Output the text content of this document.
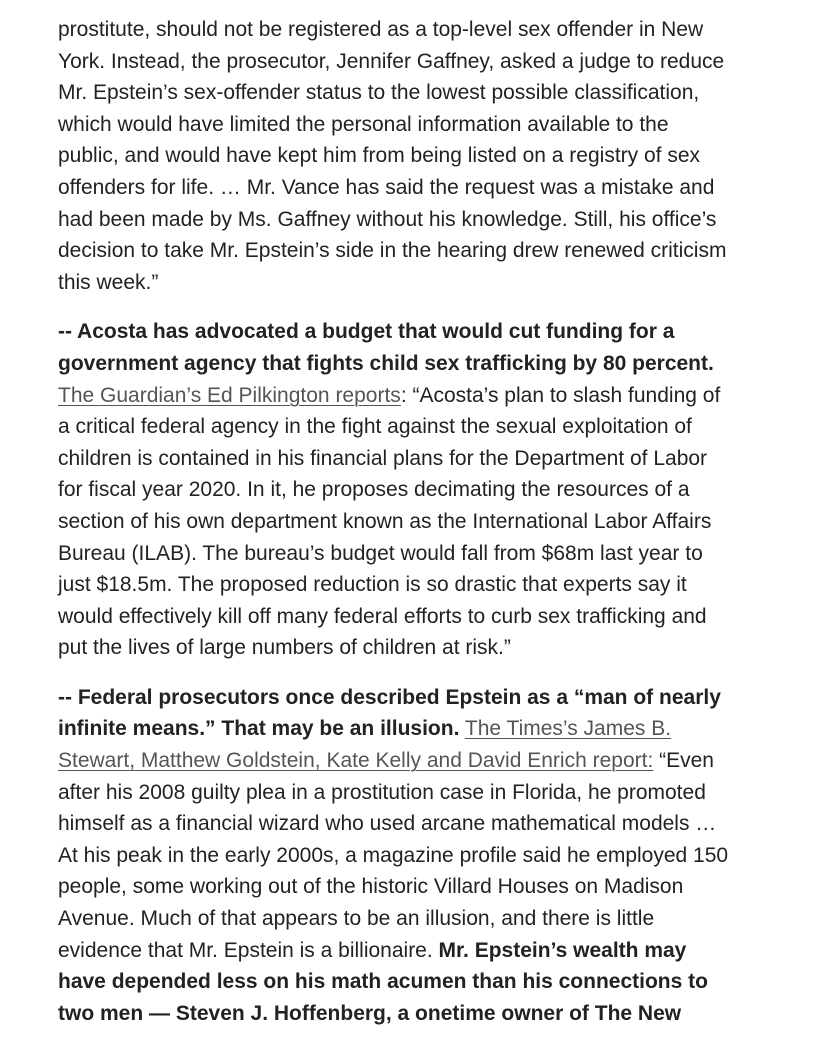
prostitute, should not be registered as a top-level sex offender in New
York. Instead, the prosecutor, Jennifer Gaffney, asked a judge to reduce
Mr. Epstein’s sex-offender status to the lowest possible classification,
which would have limited the personal information available to the
public, and would have kept him from being listed on a registry of sex
offenders for life. … Mr. Vance has said the request was a mistake and
had been made by Ms. Gaffney without his knowledge. Still, his office’s
decision to take Mr. Epstein’s side in the hearing drew renewed criticism
this week.”

-- Acosta has advocated a budget that would cut funding for a
government agency that fights child sex trafficking by 80 percent.
The Guardian’s Ed Pilkington reports: “Acosta’s plan to slash funding of
a critical federal agency in the fight against the sexual exploitation of
children is contained in his financial plans for the Department of Labor
for fiscal year 2020. In it, he proposes decimating the resources of a
section of his own department known as the International Labor Affairs
Bureau (ILAB). The bureau’s budget would fall from $68m last year to
just $18.5m. The proposed reduction is so drastic that experts say it
would effectively kill off many federal efforts to curb sex trafficking and
put the lives of large numbers of children at risk.”

-- Federal prosecutors once described Epstein as a “man of nearly
infinite means.” That may be an illusion. The Times’s James B.
Stewart, Matthew Goldstein, Kate Kelly and David Enrich report: “Even
after his 2008 guilty plea in a prostitution case in Florida, he promoted
himself as a financial wizard who used arcane mathematical models …
At his peak in the early 2000s, a magazine profile said he employed 150
people, some working out of the historic Villard Houses on Madison
Avenue. Much of that appears to be an illusion, and there is little
evidence that Mr. Epstein is a billionaire. Mr. Epstein’s wealth may
have depended less on his math acumen than his connections to
two men — Steven J. Hoffenberg, a onetime owner of The New
